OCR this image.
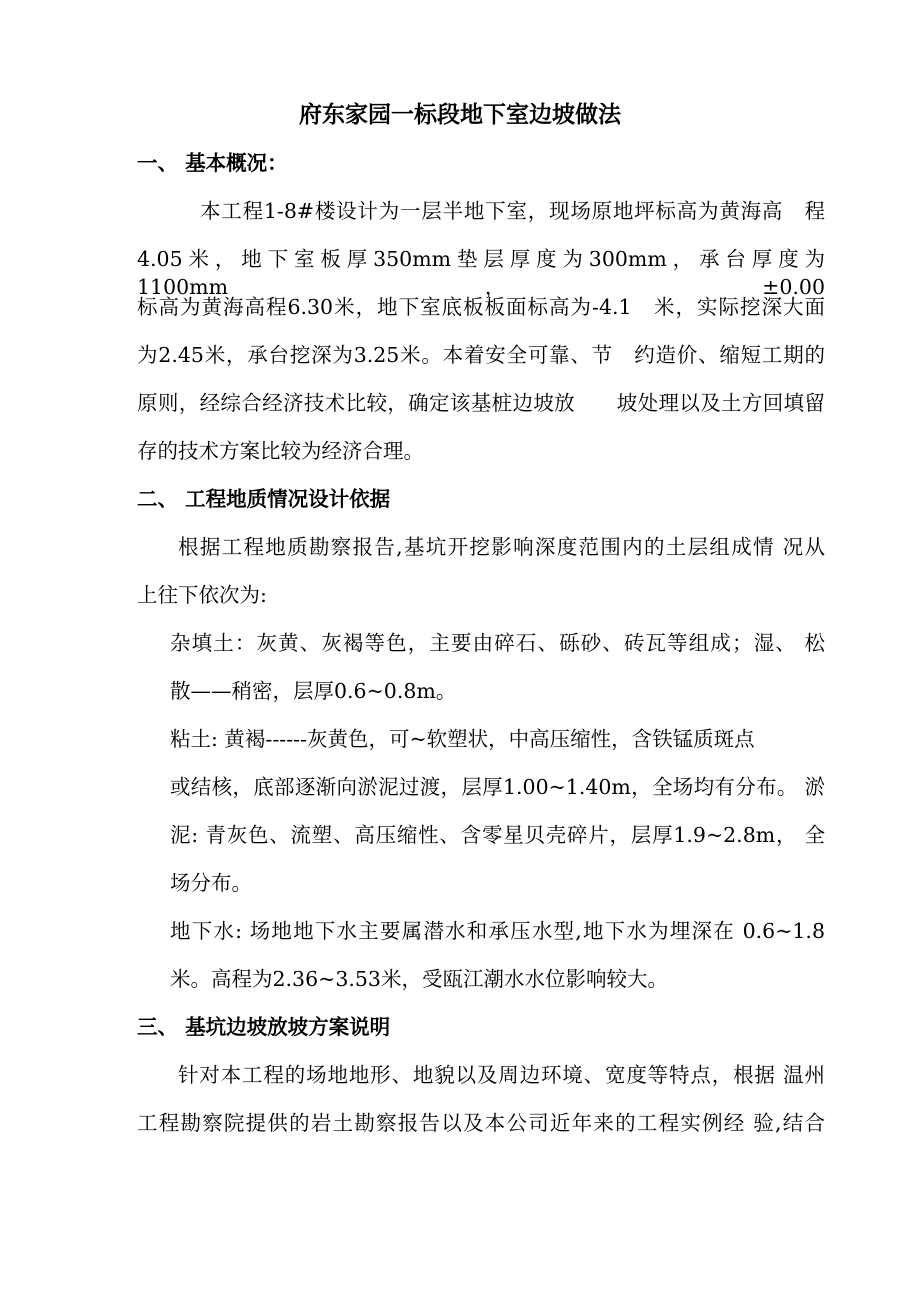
府东家园一标段地下室边坡做法
一、 基本概况：
本工程1-8#楼设计为一层半地下室，现场原地坪标高为黄海高　程
4.05米，地下室板厚350mm垫层厚度为300mm，承台厚度为 1100mm，±0.00
标高为黄海高程6.30米，地下室底板板面标高为-4.1　米，实际挖深大面
为2.45米，承台挖深为3.25米。本着安全可靠、节　约造价、缩短工期的
原则，经综合经济技术比较，确定该基桩边坡放　　坡处理以及土方回填留
存的技术方案比较为经济合理。
二、 工程地质情况设计依据
根据工程地质勘察报告,基坑开挖影响深度范围内的土层组成情 况从
上往下依次为:
杂填土：灰黄、灰褐等色，主要由碎石、砾砂、砖瓦等组成；湿、 松
散——稍密，层厚0.6~0.8m。
粘土: 黄褐------灰黄色，可~软塑状，中高压缩性，含铁锰质斑点
或结核，底部逐渐向淤泥过渡，层厚1.00~1.40m，全场均有分布。 淤
泥: 青灰色、流塑、高压缩性、含零星贝壳碎片，层厚1.9~2.8m， 全
场分布。
地下水: 场地地下水主要属潜水和承压水型,地下水为埋深在 0.6~1.8
米。高程为2.36~3.53米，受瓯江潮水水位影响较大。
三、 基坑边坡放坡方案说明
针对本工程的场地地形、地貌以及周边环境、宽度等特点，根据 温州
工程勘察院提供的岩土勘察报告以及本公司近年来的工程实例经 验,结合
